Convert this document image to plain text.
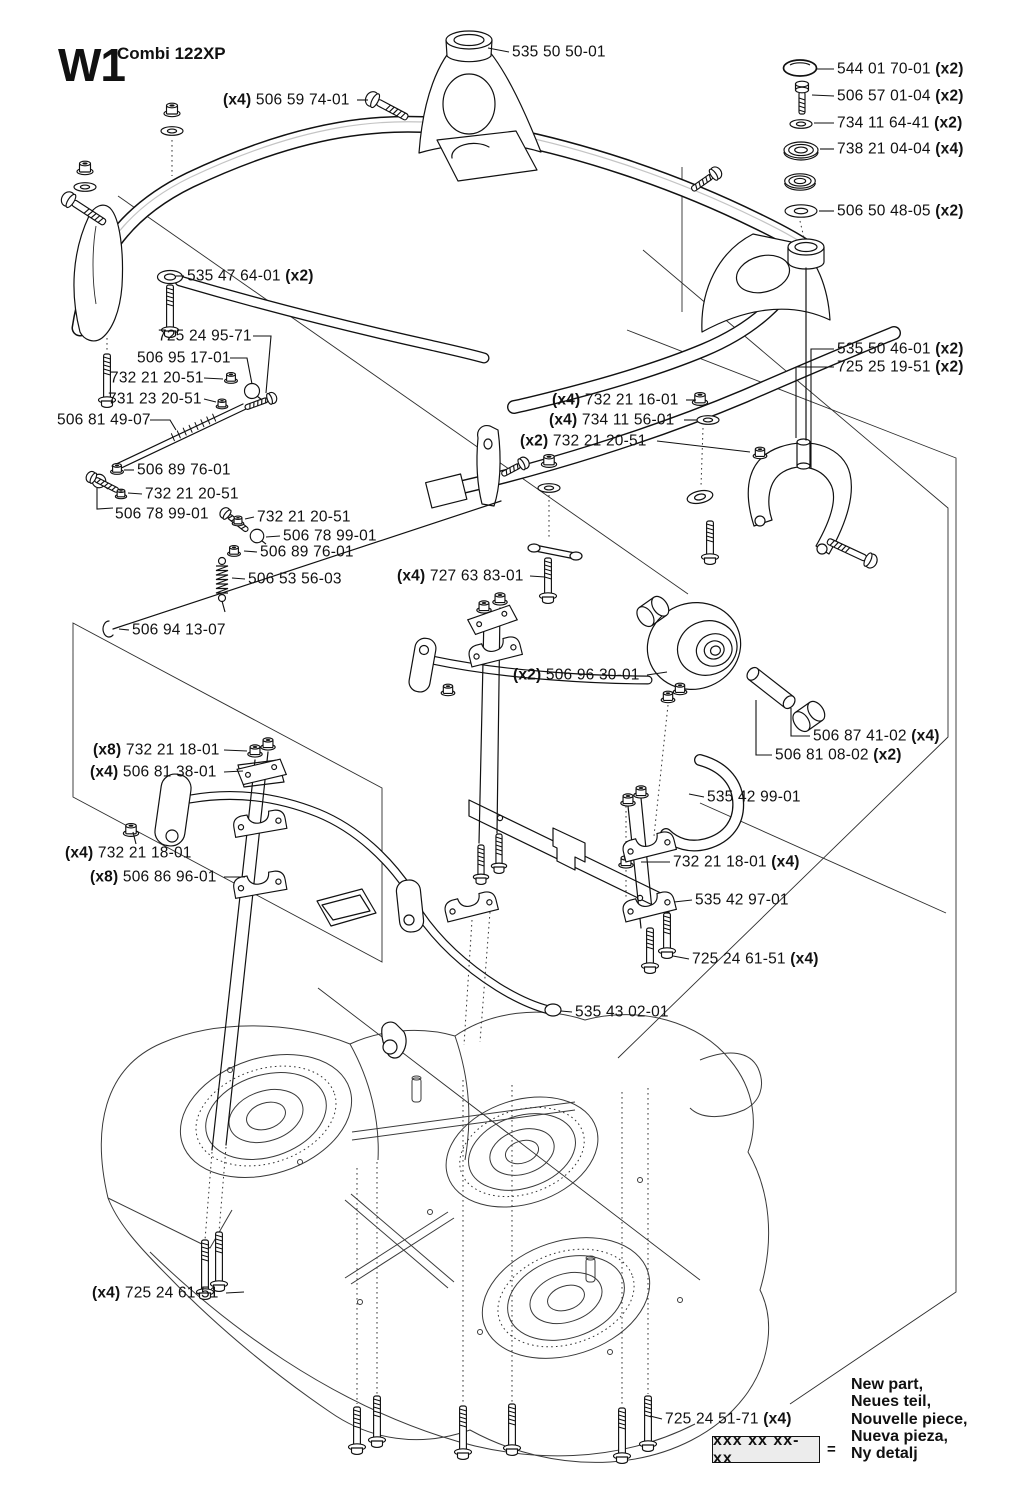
W1
Combi 122XP	535 50 50-01
(x4) 506 59 74-01
544 01 70-01 (x2)
506 57 01-04 (x2)
734 11 64-41 (x2)
738 21 04-04 (x4)
506 50 48-05 (x2)
535 47 64-01 (x2)
725 24 95-71
506 95 17-01
732 21 20-51
731 23 20-51
506 81 49-07
506 89 76-01
732 21 20-51
506 78 99-01	732 21 20-51
506 78 99-01
506 89 76-01
506 53 56-03
506 94 13-07
535 50 46-01 (x2)
725 25 19-51 (x2)
(x4) 732 21 16-01
(x4) 734 11 56-01
(x2) 732 21 20-51
(x4) 727 63 83-01
(x2) 506 96 30-01
506 87 41-02 (x4)
506 81 08-02 (x2)
535 42 99-01
(x8) 732 21 18-01
(x4) 506 81 38-01
(x4) 732 21 18-01
(x8) 506 86 96-01
732 21 18-01 (x4)
535 42 97-01
725 24 61-51 (x4)
535 43 02-01
(x4) 725 24 61-51
725 24 51-71 (x4)
xxx xx xx-xx	=
New part,
Neues teil,
Nouvelle piece,
Nueva pieza,
Ny detalj
